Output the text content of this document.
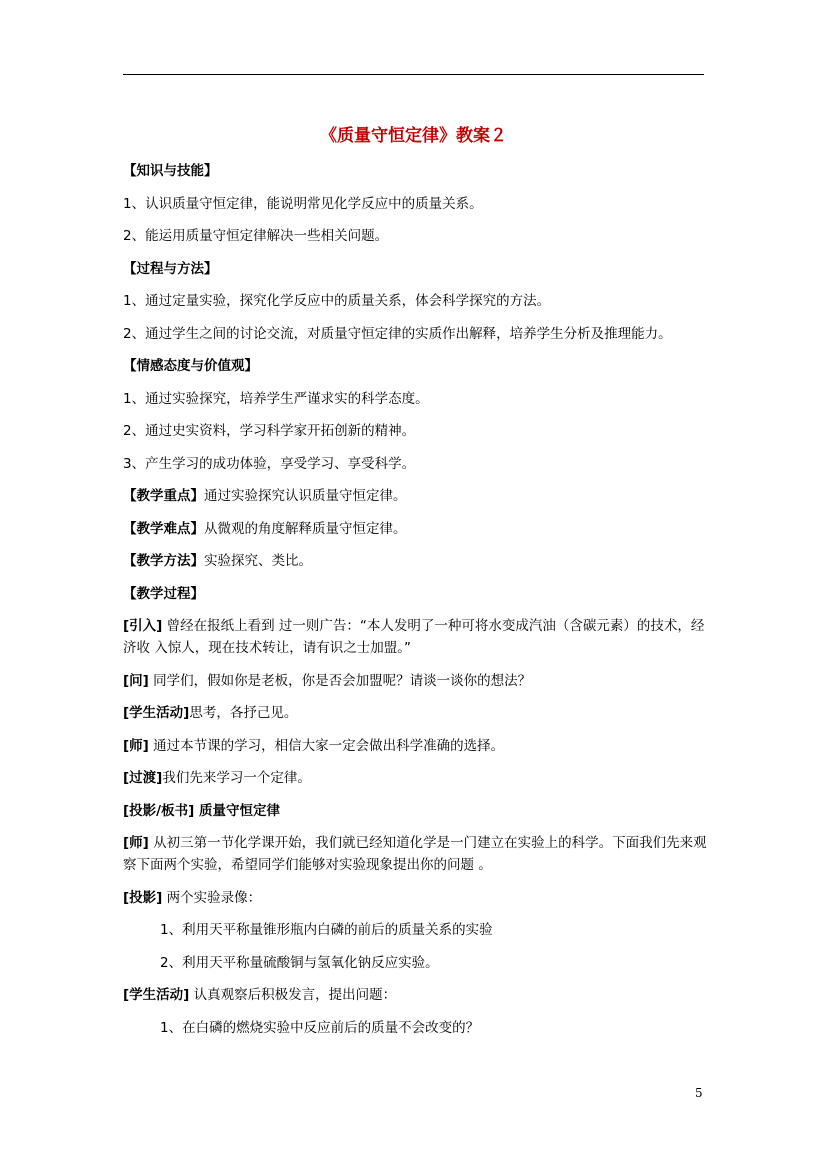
《质量守恒定律》教案２

【知识与技能】

1、认识质量守恒定律，能说明常见化学反应中的质量关系。

2、能运用质量守恒定律解决一些相关问题。

【过程与方法】

1、通过定量实验，探究化学反应中的质量关系，体会科学探究的方法。

2、通过学生之间的讨论交流，对质量守恒定律的实质作出解释，培养学生分析及推理能力。

【情感态度与价值观】

1、通过实验探究，培养学生严谨求实的科学态度。

2、通过史实资料，学习科学家开拓创新的精神。

3、产生学习的成功体验，享受学习、享受科学。

【教学重点】通过实验探究认识质量守恒定律。

【教学难点】从微观的角度解释质量守恒定律。

【教学方法】实验探究、类比。

【教学过程】

[引入] 曾经在报纸上看到 过一则广告：“本人发明了一种可将水变成汽油（含碳元素）的技术，经济收 入惊人，现在技术转让，请有识之士加盟。”

[问] 同学们，假如你是老板，你是否会加盟呢？请谈一谈你的想法？

[学生活动]思考，各抒己见。

[师] 通过本节课的学习，相信大家一定会做出科学准确的选择。

[过渡]我们先来学习一个定律。

[投影/板书] 质量守恒定律

[师] 从初三第一节化学课开始，我们就已经知道化学是一门建立在实验上的科学。下面我们先来观察下面两个实验，希望同学们能够对实验现象提出你的问题 。

[投影] 两个实验录像：

1、利用天平称量锥形瓶内白磷的前后的质量关系的实验

2、利用天平称量硫酸铜与氢氧化钠反应实验。

[学生活动] 认真观察后积极发言，提出问题：

1、在白磷的燃烧实验中反应前后的质量不会改变的？

5
